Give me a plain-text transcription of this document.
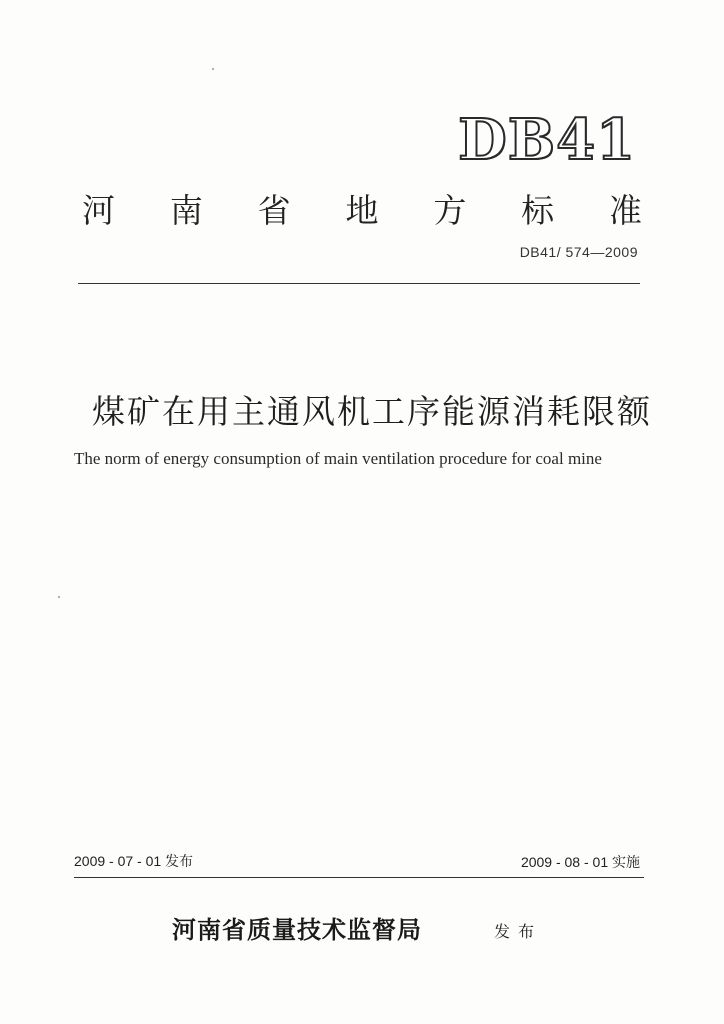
DB41
河 南 省 地 方 标 准
DB41/ 574—2009
煤矿在用主通风机工序能源消耗限额
The norm of energy consumption of main ventilation procedure for coal mine
2009 - 07 - 01 发布	2009 - 08 - 01 实施
河南省质量技术监督局	发布
